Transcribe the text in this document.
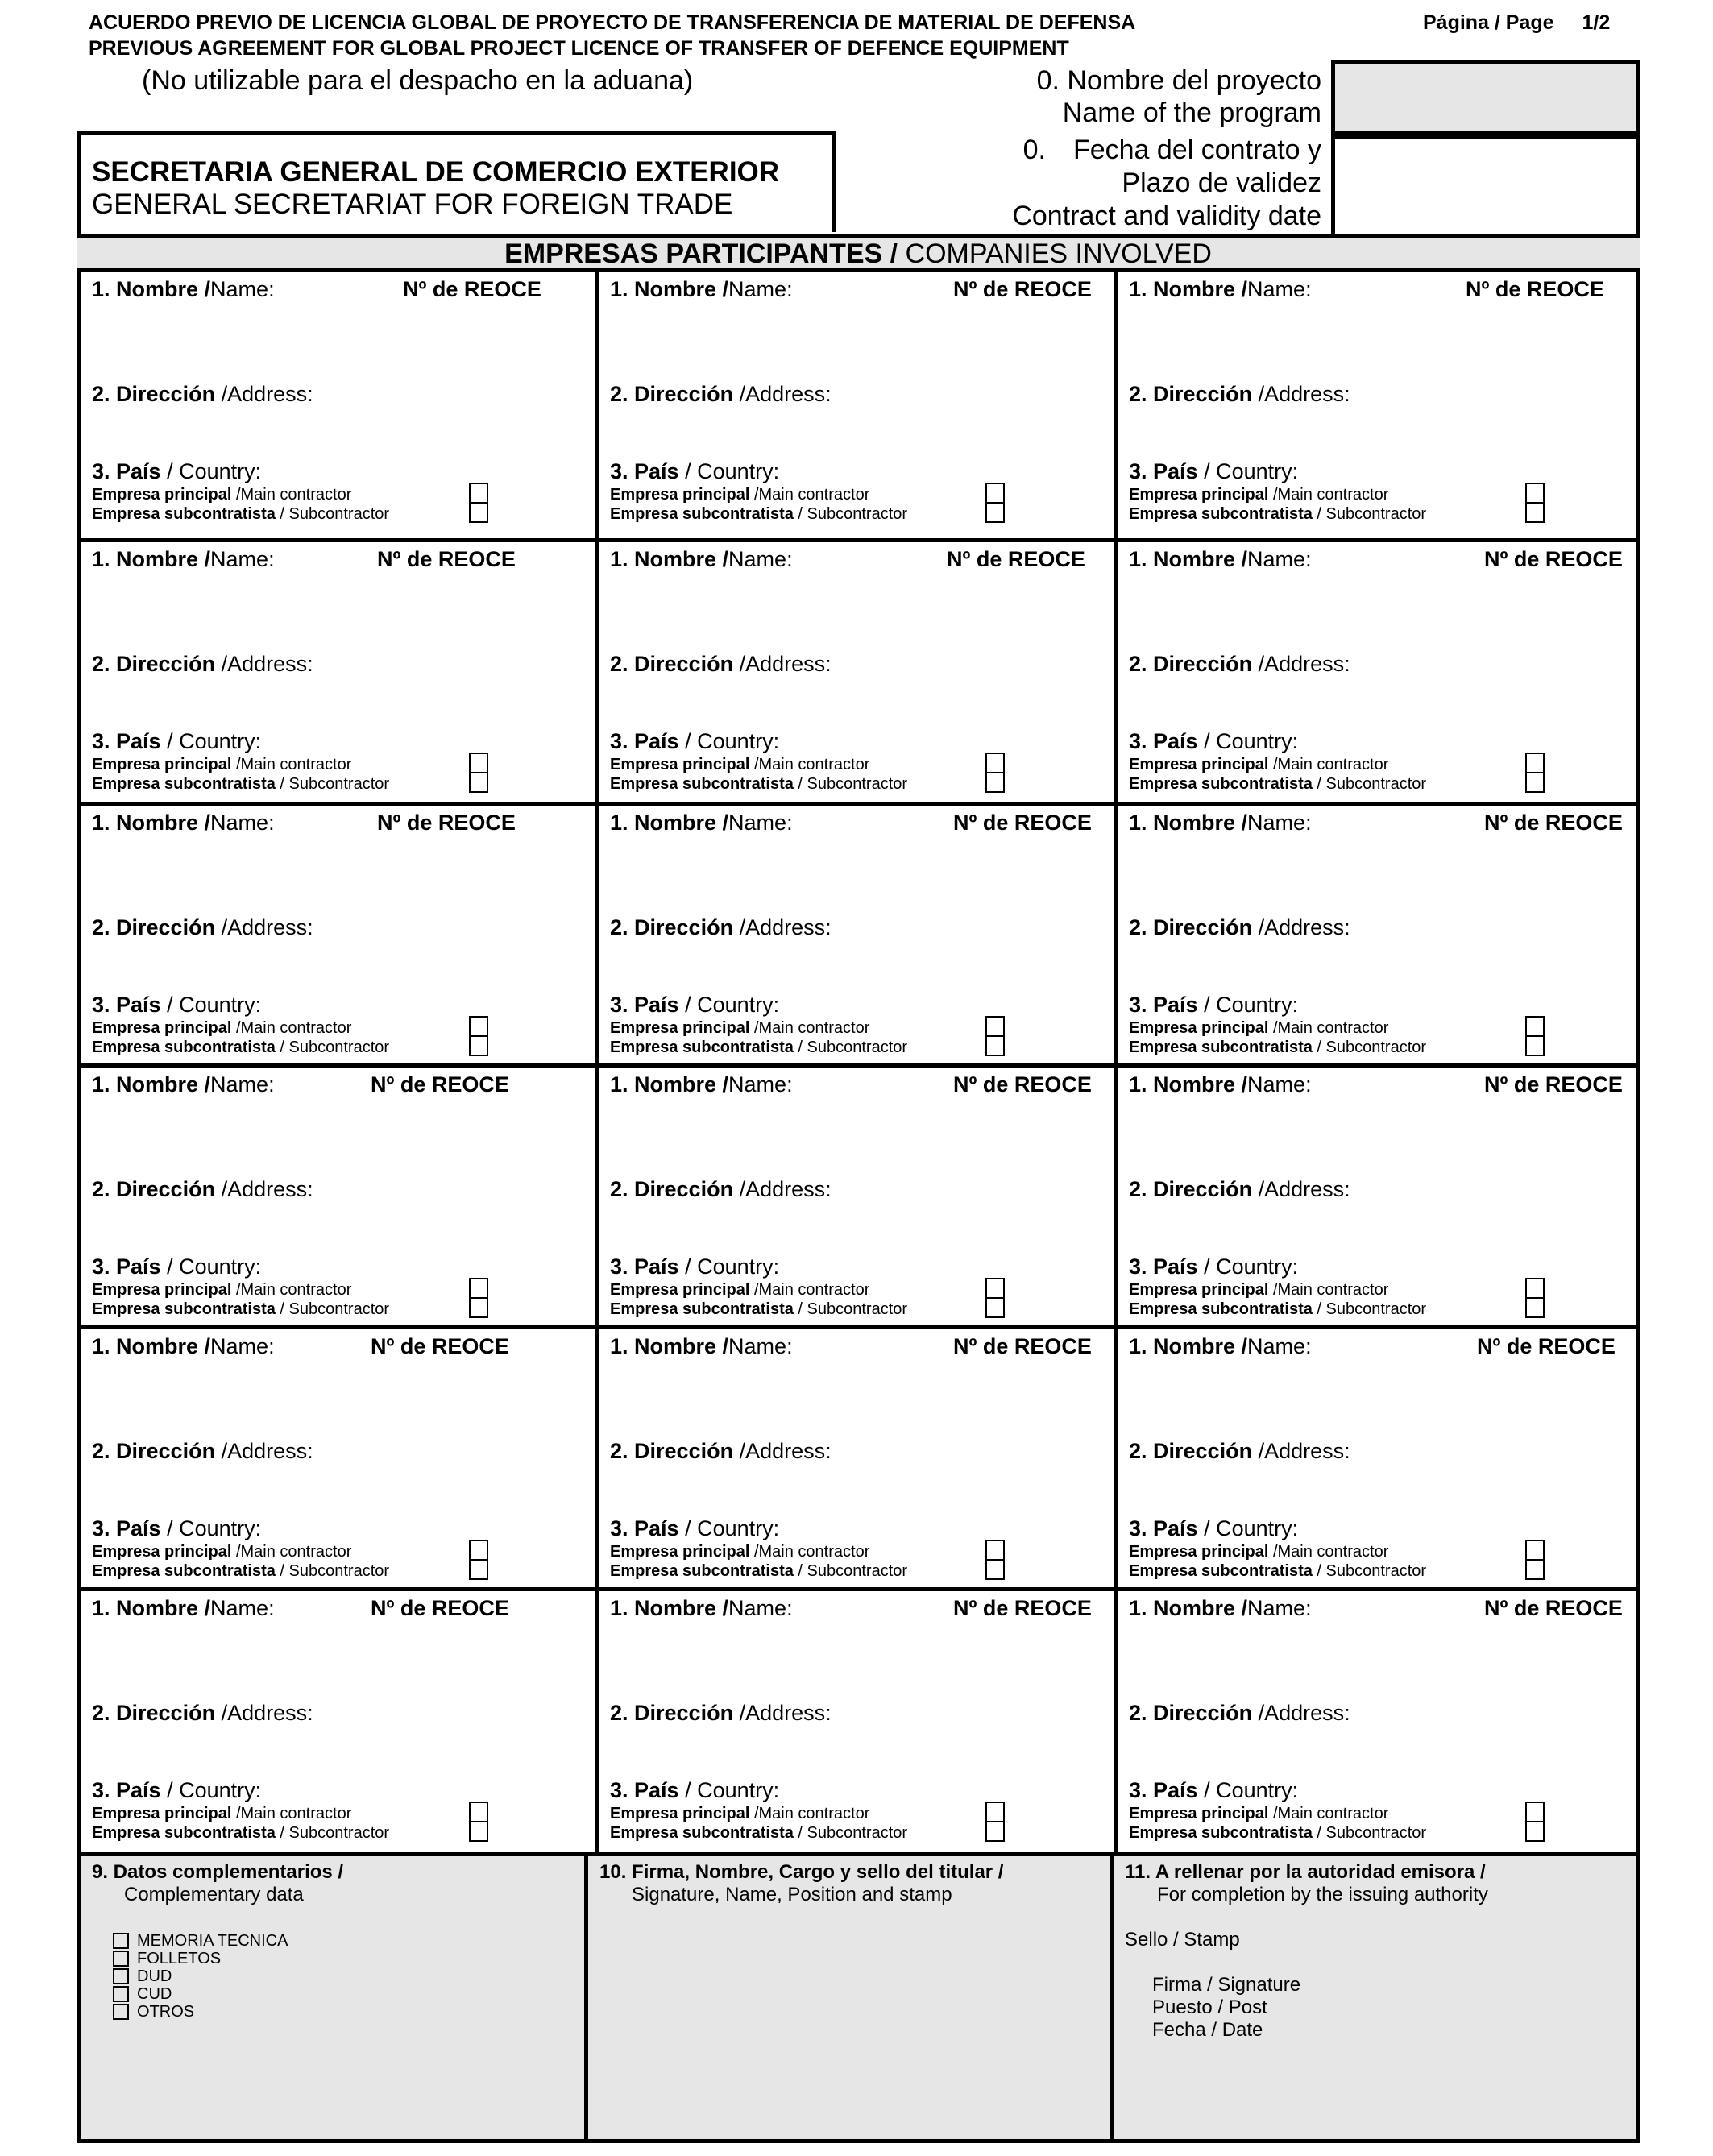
ACUERDO PREVIO DE LICENCIA GLOBAL DE PROYECTO DE TRANSFERENCIA DE MATERIAL DE DEFENSA
PREVIOUS AGREEMENT FOR GLOBAL PROJECT LICENCE OF TRANSFER OF DEFENCE EQUIPMENT
Página / Page 1/2
(No utilizable para el despacho en la aduana)	0. Nombre del proyecto
Name of the program
0. Fecha del contrato y
Plazo de validez
Contract and validity date
SECRETARIA GENERAL DE COMERCIO EXTERIOR
GENERAL SECRETARIAT FOR FOREIGN TRADE
EMPRESAS PARTICIPANTES / COMPANIES INVOLVED
1. Nombre /Name:	Nº de REOCE
2. Dirección /Address:
3. País / Country:
Empresa principal /Main contractor
Empresa subcontratista / Subcontractor
1. Nombre /Name:	Nº de REOCE
2. Dirección /Address:
3. País / Country:
Empresa principal /Main contractor
Empresa subcontratista / Subcontractor
1. Nombre /Name:	Nº de REOCE
2. Dirección /Address:
3. País / Country:
Empresa principal /Main contractor
Empresa subcontratista / Subcontractor
1. Nombre /Name:	Nº de REOCE
2. Dirección /Address:
3. País / Country:
Empresa principal /Main contractor
Empresa subcontratista / Subcontractor
1. Nombre /Name:	Nº de REOCE
2. Dirección /Address:
3. País / Country:
Empresa principal /Main contractor
Empresa subcontratista / Subcontractor
1. Nombre /Name:	Nº de REOCE
2. Dirección /Address:
3. País / Country:
Empresa principal /Main contractor
Empresa subcontratista / Subcontractor
1. Nombre /Name:	Nº de REOCE
2. Dirección /Address:
3. País / Country:
Empresa principal /Main contractor
Empresa subcontratista / Subcontractor
1. Nombre /Name:	Nº de REOCE
2. Dirección /Address:
3. País / Country:
Empresa principal /Main contractor
Empresa subcontratista / Subcontractor
1. Nombre /Name:	Nº de REOCE
2. Dirección /Address:
3. País / Country:
Empresa principal /Main contractor
Empresa subcontratista / Subcontractor
1. Nombre /Name:	Nº de REOCE
2. Dirección /Address:
3. País / Country:
Empresa principal /Main contractor
Empresa subcontratista / Subcontractor
1. Nombre /Name:	Nº de REOCE
2. Dirección /Address:
3. País / Country:
Empresa principal /Main contractor
Empresa subcontratista / Subcontractor
1. Nombre /Name:	Nº de REOCE
2. Dirección /Address:
3. País / Country:
Empresa principal /Main contractor
Empresa subcontratista / Subcontractor
1. Nombre /Name:	Nº de REOCE
2. Dirección /Address:
3. País / Country:
Empresa principal /Main contractor
Empresa subcontratista / Subcontractor
1. Nombre /Name:	Nº de REOCE
2. Dirección /Address:
3. País / Country:
Empresa principal /Main contractor
Empresa subcontratista / Subcontractor
1. Nombre /Name:	Nº de REOCE
2. Dirección /Address:
3. País / Country:
Empresa principal /Main contractor
Empresa subcontratista / Subcontractor
1. Nombre /Name:	Nº de REOCE
2. Dirección /Address:
3. País / Country:
Empresa principal /Main contractor
Empresa subcontratista / Subcontractor
1. Nombre /Name:	Nº de REOCE
2. Dirección /Address:
3. País / Country:
Empresa principal /Main contractor
Empresa subcontratista / Subcontractor
1. Nombre /Name:	Nº de REOCE
2. Dirección /Address:
3. País / Country:
Empresa principal /Main contractor
Empresa subcontratista / Subcontractor
9. Datos complementarios /
Complementary data
MEMORIA TECNICA
FOLLETOS
DUD
CUD
OTROS
10. Firma, Nombre, Cargo y sello del titular /
Signature, Name, Position and stamp
11. A rellenar por la autoridad emisora /
For completion by the issuing authority
Sello / Stamp
Firma / Signature
Puesto / Post
Fecha / Date
